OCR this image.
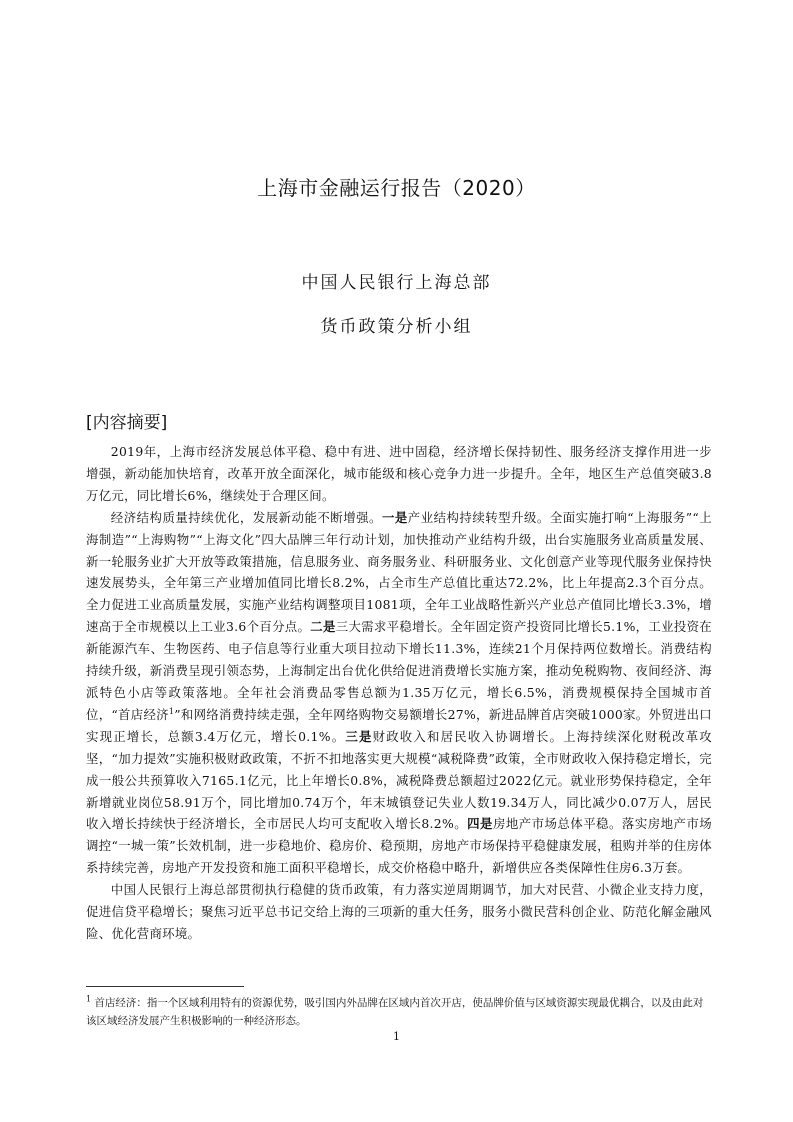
上海市金融运行报告（2020）
中国人民银行上海总部
货币政策分析小组
[内容摘要]

2019年，上海市经济发展总体平稳、稳中有进、进中固稳，经济增长保持韧性、服务经济支撑作用进一步增强，新动能加快培育，改革开放全面深化，城市能级和核心竞争力进一步提升。全年，地区生产总值突破3.8万亿元，同比增长6%，继续处于合理区间。

经济结构质量持续优化，发展新动能不断增强。一是产业结构持续转型升级。全面实施打响“上海服务”“上海制造”“上海购物”“上海文化”四大品牌三年行动计划，加快推动产业结构升级，出台实施服务业高质量发展、新一轮服务业扩大开放等政策措施，信息服务业、商务服务业、科研服务业、文化创意产业等现代服务业保持快速发展势头，全年第三产业增加值同比增长8.2%，占全市生产总值比重达72.2%，比上年提高2.3个百分点。全力促进工业高质量发展，实施产业结构调整项目1081项，全年工业战略性新兴产业总产值同比增长3.3%，增速高于全市规模以上工业3.6个百分点。二是三大需求平稳增长。全年固定资产投资同比增长5.1%，工业投资在新能源汽车、生物医药、电子信息等行业重大项目拉动下增长11.3%，连续21个月保持两位数增长。消费结构持续升级，新消费呈现引领态势，上海制定出台优化供给促进消费增长实施方案，推动免税购物、夜间经济、海派特色小店等政策落地。全年社会消费品零售总额为1.35万亿元，增长6.5%，消费规模保持全国城市首位，“首店经济$^1$”和网络消费持续走强，全年网络购物交易额增长27%，新进品牌首店突破1000家。外贸进出口实现正增长，总额3.4万亿元，增长0.1%。三是财政收入和居民收入协调增长。上海持续深化财税改革攻坚，“加力提效”实施积极财政政策，不折不扣地落实更大规模“减税降费”政策，全市财政收入保持稳定增长，完成一般公共预算收入7165.1亿元，比上年增长0.8%，减税降费总额超过2022亿元。就业形势保持稳定，全年新增就业岗位58.91万个，同比增加0.74万个，年末城镇登记失业人数19.34万人，同比减少0.07万人，居民收入增长持续快于经济增长，全市居民人均可支配收入增长8.2%。四是房地产市场总体平稳。落实房地产市场调控“一城一策”长效机制，进一步稳地价、稳房价、稳预期，房地产市场保持平稳健康发展，租购并举的住房体系持续完善，房地产开发投资和施工面积平稳增长，成交价格稳中略升，新增供应各类保障性住房6.3万套。

中国人民银行上海总部贯彻执行稳健的货币政策，有力落实逆周期调节，加大对民营、小微企业支持力度，促进信贷平稳增长；聚焦习近平总书记交给上海的三项新的重大任务，服务小微民营科创企业、防范化解金融风险、优化营商环境。

$^1$ 首店经济：指一个区域利用特有的资源优势，吸引国内外品牌在区域内首次开店，使品牌价值与区域资源实现最优耦合，以及由此对该区域经济发展产生积极影响的一种经济形态。
1
